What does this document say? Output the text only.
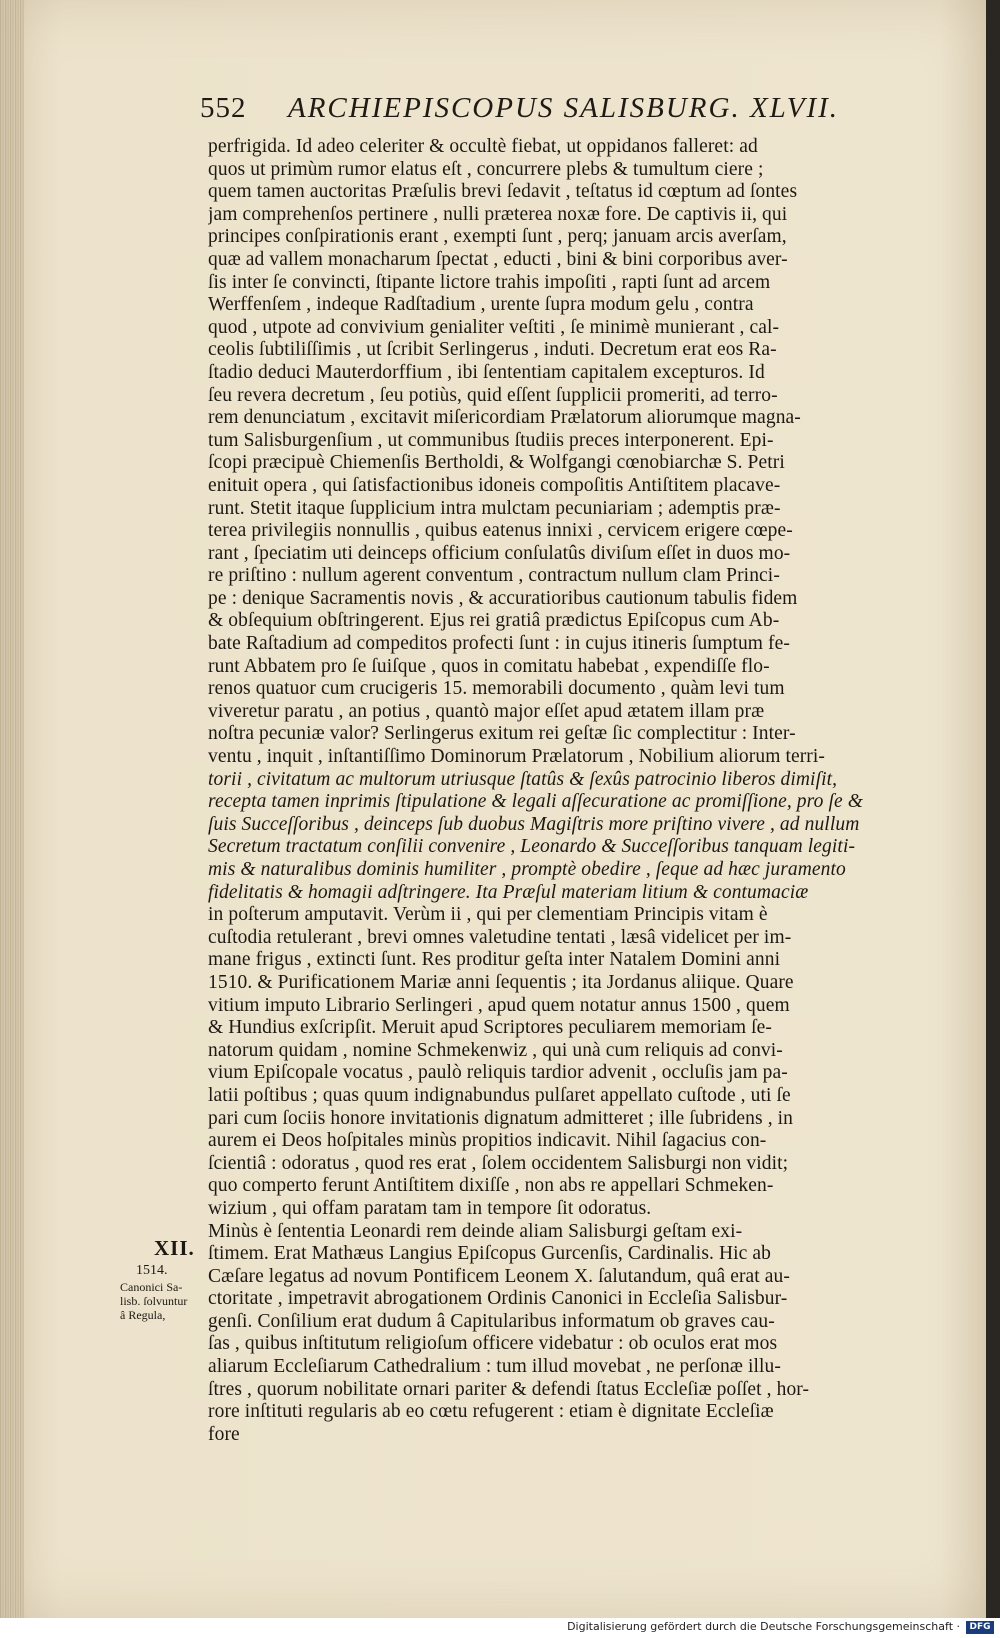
552 ARCHIEPISCOPUS SALISBURG. XLVII.
perfrigida. Id adeo celeriter & occultè fiebat, ut oppidanos falleret: ad
quos ut primùm rumor elatus eſt , concurrere plebs & tumultum ciere ;
quem tamen auctoritas Præſulis brevi ſedavit , teſtatus id cœptum ad ſontes
jam comprehenſos pertinere , nulli præterea noxæ fore. De captivis ii, qui
principes conſpirationis erant , exempti ſunt , perq; januam arcis averſam,
quæ ad vallem monacharum ſpectat , educti , bini & bini corporibus aver-
ſis inter ſe convincti, ſtipante lictore trahis impoſiti , rapti ſunt ad arcem
Werffenſem , indeque Radſtadium , urente ſupra modum gelu , contra
quod , utpote ad convivium genialiter veſtiti , ſe minimè munierant , cal-
ceolis ſubtiliſſimis , ut ſcribit Serlingerus , induti. Decretum erat eos Ra-
ſtadio deduci Mauterdorffium , ibi ſententiam capitalem excepturos. Id
ſeu revera decretum , ſeu potiùs, quid eſſent ſupplicii promeriti, ad terro-
rem denunciatum , excitavit miſericordiam Prælatorum aliorumque magna-
tum Salisburgenſium , ut communibus ſtudiis preces interponerent. Epi-
ſcopi præcipuè Chiemenſis Bertholdi, & Wolfgangi cœnobiarchæ S. Petri
enituit opera , qui ſatisfactionibus idoneis compoſitis Antiſtitem placave-
runt. Stetit itaque ſupplicium intra mulctam pecuniariam ; ademptis præ-
terea privilegiis nonnullis , quibus eatenus innixi , cervicem erigere cœpe-
rant , ſpeciatim uti deinceps officium conſulatûs diviſum eſſet in duos mo-
re priſtino : nullum agerent conventum , contractum nullum clam Princi-
pe : denique Sacramentis novis , & accuratioribus cautionum tabulis fidem
& obſequium obſtringerent. Ejus rei gratiâ prædictus Epiſcopus cum Ab-
bate Raſtadium ad compeditos profecti ſunt : in cujus itineris ſumptum fe-
runt Abbatem pro ſe ſuiſque , quos in comitatu habebat , expendiſſe flo-
renos quatuor cum crucigeris 15. memorabili documento , quàm levi tum
viveretur paratu , an potius , quantò major eſſet apud ætatem illam præ
noſtra pecuniæ valor? Serlingerus exitum rei geſtæ ſic complectitur : Inter-
ventu , inquit , inſtantiſſimo Dominorum Prælatorum , Nobilium aliorum terri-
torii , civitatum ac multorum utriusque ſtatûs & ſexûs patrocinio liberos dimiſit,
recepta tamen inprimis ſtipulatione & legali aſſecuratione ac promiſſione, pro ſe &
ſuis Succeſſoribus , deinceps ſub duobus Magiſtris more priſtino vivere , ad nullum
Secretum tractatum conſilii convenire , Leonardo & Succeſſoribus tanquam legiti-
mis & naturalibus dominis humiliter , promptè obedire , ſeque ad hæc juramento
fidelitatis & homagii adſtringere. Ita Præſul materiam litium & contumaciæ
in poſterum amputavit. Verùm ii , qui per clementiam Principis vitam è
cuſtodia retulerant , brevi omnes valetudine tentati , læsâ videlicet per im-
mane frigus , extincti ſunt. Res proditur geſta inter Natalem Domini anni
1510. & Purificationem Mariæ anni ſequentis ; ita Jordanus aliique. Quare
vitium imputo Librario Serlingeri , apud quem notatur annus 1500 , quem
& Hundius exſcripſit. Meruit apud Scriptores peculiarem memoriam ſe-
natorum quidam , nomine Schmekenwiz , qui unà cum reliquis ad convi-
vium Epiſcopale vocatus , paulò reliquis tardior advenit , occluſis jam pa-
latii poſtibus ; quas quum indignabundus pulſaret appellato cuſtode , uti ſe
pari cum ſociis honore invitationis dignatum admitteret ; ille ſubridens , in
aurem ei Deos hoſpitales minùs propitios indicavit. Nihil ſagacius con-
ſcientiâ : odoratus , quod res erat , ſolem occidentem Salisburgi non vidit;
quo comperto ferunt Antiſtitem dixiſſe , non abs re appellari Schmeken-
wizium , qui offam paratam tam in tempore ſit odoratus.
Minùs è ſententia Leonardi rem deinde aliam Salisburgi geſtam exi-
ſtimem. Erat Mathæus Langius Epiſcopus Gurcenſis, Cardinalis. Hic ab
Cæſare legatus ad novum Pontificem Leonem X. ſalutandum, quâ erat au-
ctoritate , impetravit abrogationem Ordinis Canonici in Eccleſia Salisbur-
genſi. Conſilium erat dudum â Capitularibus informatum ob graves cau-
ſas , quibus inſtitutum religioſum officere videbatur : ob oculos erat mos
aliarum Eccleſiarum Cathedralium : tum illud movebat , ne perſonæ illu-
ſtres , quorum nobilitate ornari pariter & defendi ſtatus Eccleſiæ poſſet , hor-
rore inſtituti regularis ab eo cœtu refugerent : etiam è dignitate Eccleſiæ
fore
XII.
1514.
Canonici Sa-
lisb. ſolvuntur
â Regula,
Digitalisierung gefördert durch die Deutsche Forschungsgemeinschaft ·	DFG
